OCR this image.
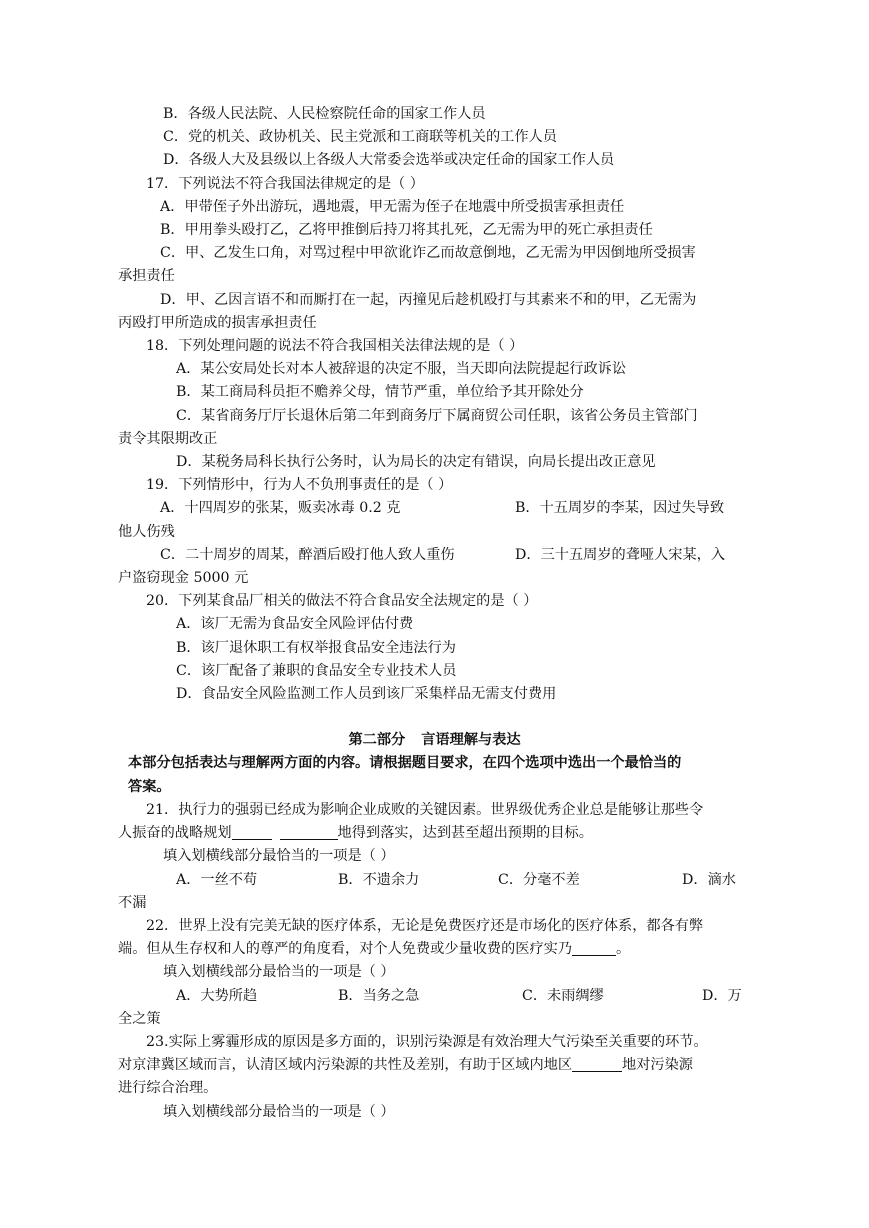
B．各级人民法院、人民检察院任命的国家工作人员
C．党的机关、政协机关、民主党派和工商联等机关的工作人员
D．各级人大及县级以上各级人大常委会选举或决定任命的国家工作人员
17．下列说法不符合我国法律规定的是（ ）
A．甲带侄子外出游玩，遇地震，甲无需为侄子在地震中所受损害承担责任
B．甲用拳头殴打乙，乙将甲推倒后持刀将其扎死，乙无需为甲的死亡承担责任
C．甲、乙发生口角，对骂过程中甲欲讹诈乙而故意倒地，乙无需为甲因倒地所受损害
承担责任
D．甲、乙因言语不和而厮打在一起，丙撞见后趁机殴打与其素来不和的甲，乙无需为
丙殴打甲所造成的损害承担责任
18．下列处理问题的说法不符合我国相关法律法规的是（ ）
A．某公安局处长对本人被辞退的决定不服，当天即向法院提起行政诉讼
B．某工商局科员拒不赡养父母，情节严重，单位给予其开除处分
C．某省商务厅厅长退休后第二年到商务厅下属商贸公司任职，该省公务员主管部门
责令其限期改正
D．某税务局科长执行公务时，认为局长的决定有错误，向局长提出改正意见
19．下列情形中，行为人不负刑事责任的是（ ）
A．十四周岁的张某，贩卖冰毒 0.2 克	B．十五周岁的李某，因过失导致
他人伤残
C．二十周岁的周某，醉酒后殴打他人致人重伤	D．三十五周岁的聋哑人宋某，入
户盗窃现金 5000 元
20．下列某食品厂相关的做法不符合食品安全法规定的是（ ）
A．该厂无需为食品安全风险评估付费
B．该厂退休职工有权举报食品安全违法行为
C．该厂配备了兼职的食品安全专业技术人员
D．食品安全风险监测工作人员到该厂采集样品无需支付费用
第二部分 言语理解与表达
本部分包括表达与理解两方面的内容。请根据题目要求，在四个选项中选出一个最恰当的
答案。
21．执行力的强弱已经成为影响企业成败的关键因素。世界级优秀企业总是能够让那些令
人振奋的战略规划	地得到落实，达到甚至超出预期的目标。
填入划横线部分最恰当的一项是（ ）
A．一丝不苟	B．不遗余力	C．分毫不差	D．滴水
不漏
22．世界上没有完美无缺的医疗体系，无论是免费医疗还是市场化的医疗体系，都各有弊
端。但从生存权和人的尊严的角度看，对个人免费或少量收费的医疗实乃	。
填入划横线部分最恰当的一项是（ ）
A．大势所趋	B．当务之急	C．未雨绸缪	D．万
全之策
23.实际上雾霾形成的原因是多方面的，识别污染源是有效治理大气污染至关重要的环节。
对京津冀区域而言，认清区域内污染源的共性及差别，有助于区域内地区	地对污染源
进行综合治理。
填入划横线部分最恰当的一项是（ ）
